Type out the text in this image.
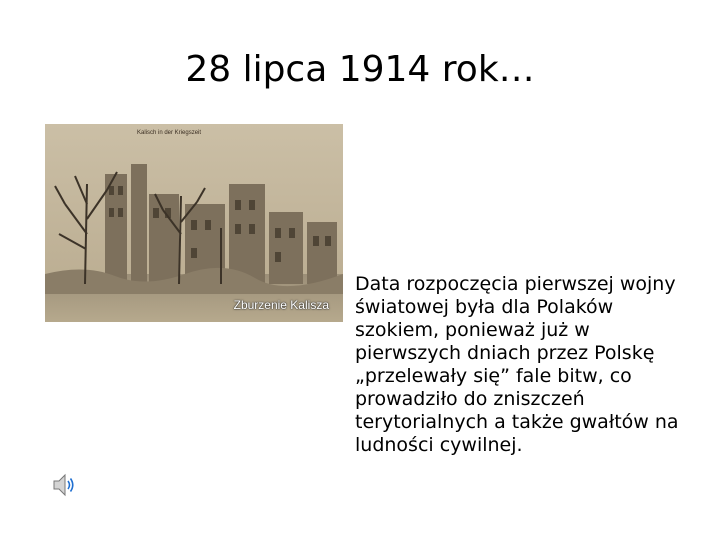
28 lipca 1914 rok…
Kalisch in der Kriegszeit
Zburzenie Kalisza
Data rozpoczęcia pierwszej wojny światowej była dla Polaków szokiem, ponieważ już w pierwszych dniach przez Polskę „przelewały się” fale bitw, co prowadziło do zniszczeń terytorialnych a także gwałtów na ludności cywilnej.
